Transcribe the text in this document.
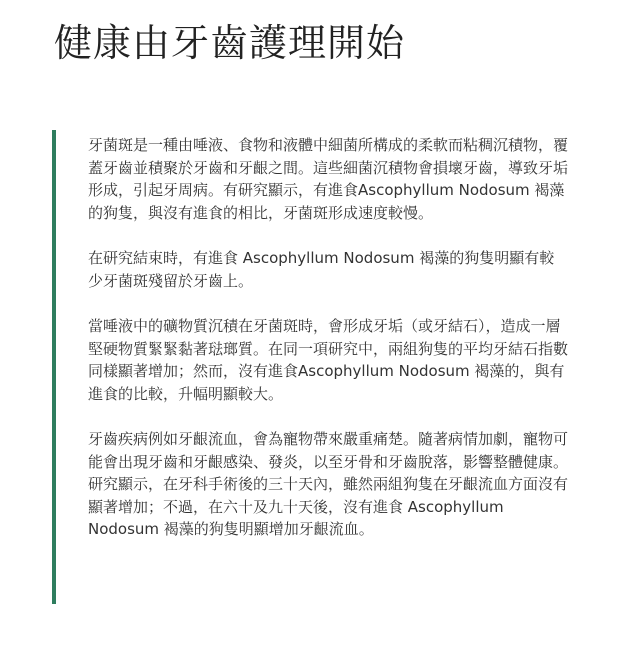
健康由牙齒護理開始

牙菌斑是一種由唾液、食物和液體中細菌所構成的柔軟而粘稠沉積物，覆蓋牙齒並積聚於牙齒和牙齦之間。這些細菌沉積物會損壞牙齒，導致牙垢形成，引起牙周病。有研究顯示，有進食Ascophyllum Nodosum 褐藻的狗隻，與沒有進食的相比，牙菌斑形成速度較慢。

在研究結束時，有進食 Ascophyllum Nodosum 褐藻的狗隻明顯有較少牙菌斑殘留於牙齒上。

當唾液中的礦物質沉積在牙菌斑時，會形成牙垢（或牙結石），造成一層堅硬物質緊緊黏著琺瑯質。在同一項研究中，兩組狗隻的平均牙結石指數同樣顯著增加；然而，沒有進食Ascophyllum Nodosum 褐藻的，與有進食的比較，升幅明顯較大。

牙齒疾病例如牙齦流血，會為寵物帶來嚴重痛楚。隨著病情加劇，寵物可能會出現牙齒和牙齦感染、發炎，以至牙骨和牙齒脫落，影響整體健康。研究顯示，在牙科手術後的三十天內，雖然兩組狗隻在牙齦流血方面沒有顯著增加；不過，在六十及九十天後，沒有進食 Ascophyllum Nodosum 褐藻的狗隻明顯增加牙齦流血。
